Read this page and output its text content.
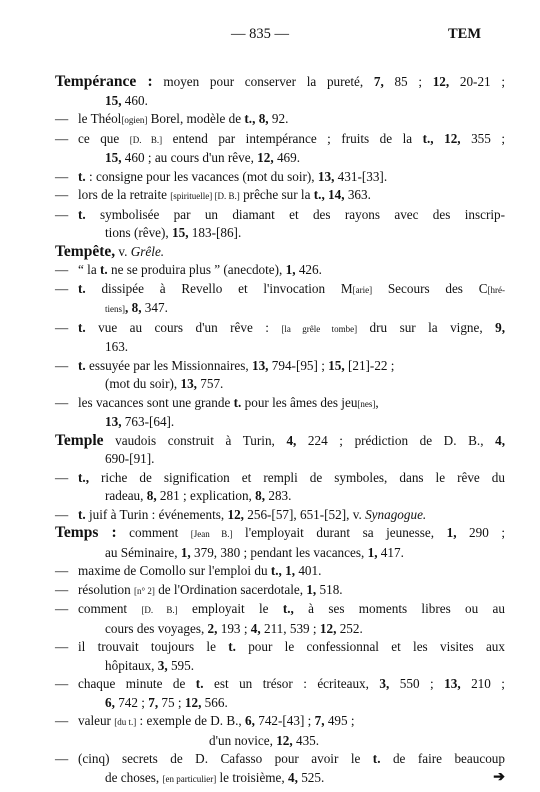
— 835 —	TEM

Tempérance : moyen pour conserver la pureté, 7, 85 ; 12, 20-21 ;

15, 460.

— le Théol[ogien] Borel, modèle de t., 8, 92.

— ce que [D. B.] entend par intempérance ; fruits de la t., 12, 355 ;

15, 460 ; au cours d'un rêve, 12, 469.

— t. : consigne pour les vacances (mot du soir), 13, 431-[33].

— lors de la retraite [spirituelle] [D. B.] prêche sur la t., 14, 363.

— t. symbolisée par un diamant et des rayons avec des inscrip-

tions (rêve), 15, 183-[86].

Tempête, v. Grêle.

— “ la t. ne se produira plus ” (anecdote), 1, 426.

— t. dissipée à Revello et l'invocation M[arie] Secours des C[hré-

tiens], 8, 347.

— t. vue au cours d'un rêve : [la grêle tombe] dru sur la vigne, 9,

163.

— t. essuyée par les Missionnaires, 13, 794-[95] ; 15, [21]-22 ;

(mot du soir), 13, 757.

— les vacances sont une grande t. pour les âmes des jeu[nes],

13, 763-[64].

Temple vaudois construit à Turin, 4, 224 ; prédiction de D. B., 4,

690-[91].

— t., riche de signification et rempli de symboles, dans le rêve du

radeau, 8, 281 ; explication, 8, 283.

— t. juif à Turin : événements, 12, 256-[57], 651-[52], v. Synagogue.

Temps : comment [Jean B.] l'employait durant sa jeunesse, 1, 290 ;

au Séminaire, 1, 379, 380 ; pendant les vacances, 1, 417.

— maxime de Comollo sur l'emploi du t., 1, 401.

— résolution [n° 2] de l'Ordination sacerdotale, 1, 518.

— comment [D. B.] employait le t., à ses moments libres ou au

cours des voyages, 2, 193 ; 4, 211, 539 ; 12, 252.

— il trouvait toujours le t. pour le confessionnal et les visites aux

hôpitaux, 3, 595.

— chaque minute de t. est un trésor : écriteaux, 3, 550 ; 13, 210 ;

6, 742 ; 7, 75 ; 12, 566.

— valeur [du t.] : exemple de D. B., 6, 742-[43] ; 7, 495 ;

d'un novice, 12, 435.

— (cinq) secrets de D. Cafasso pour avoir le t. de faire beaucoup

de choses, [en particulier] le troisième, 4, 525.	➔
